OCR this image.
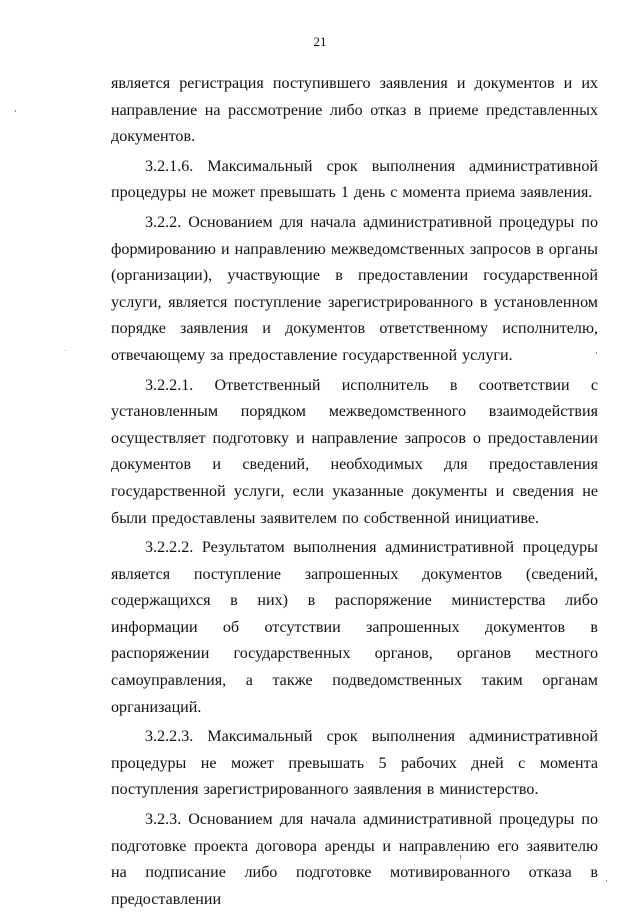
21

является регистрация поступившего заявления и документов и их направление на рассмотрение либо отказ в приеме представленных документов.

3.2.1.6. Максимальный срок выполнения административной процедуры не может превышать 1 день с момента приема заявления.

3.2.2. Основанием для начала административной процедуры по формированию и направлению межведомственных запросов в органы (организации), участвующие в предоставлении государственной услуги, является поступление зарегистрированного в установленном порядке заявления и документов ответственному исполнителю, отвечающему за предоставление государственной услуги.

3.2.2.1. Ответственный исполнитель в соответствии с установленным порядком межведомственного взаимодействия осуществляет подготовку и направление запросов о предоставлении документов и сведений, необходимых для предоставления государственной услуги, если указанные документы и сведения не были предоставлены заявителем по собственной инициативе.

3.2.2.2. Результатом выполнения административной процедуры является поступление запрошенных документов (сведений, содержащихся в них) в распоряжение министерства либо информации об отсутствии запрошенных документов в распоряжении государственных органов, органов местного самоуправления, а также подведомственных таким органам организаций.

3.2.2.3. Максимальный срок выполнения административной процедуры не может превышать 5 рабочих дней с момента поступления зарегистрированного заявления в министерство.

3.2.3. Основанием для начала административной процедуры по подготовке проекта договора аренды и направлению его заявителю на подписание либо подготовке мотивированного отказа в предоставлении
